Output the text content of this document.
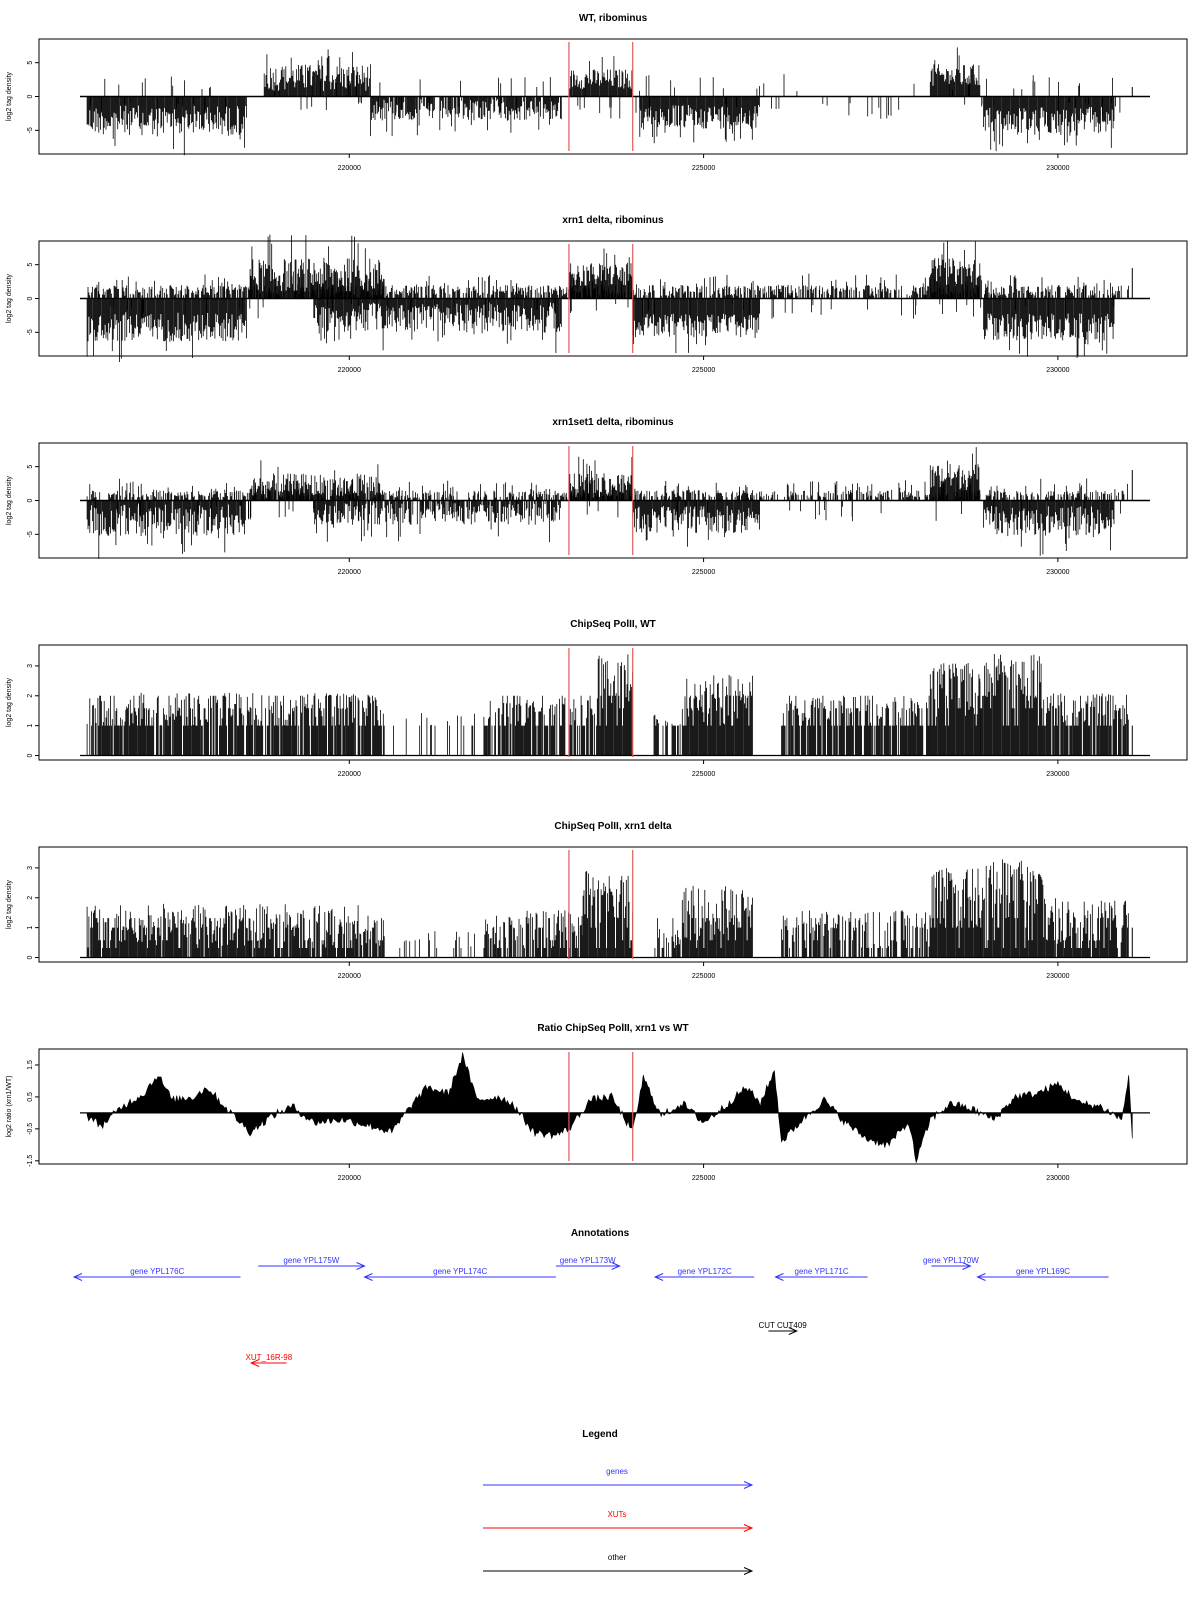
WT, ribominus
log2 tag density
-5
0
5
220000	225000	230000
xrn1 delta, ribominus
log2 tag density
-5
0
5
220000	225000	230000
xrn1set1 delta, ribominus
log2 tag density
-5
0
5
220000	225000	230000
ChipSeq PolII, WT
log2 tag density
0
1
2
3
220000	225000	230000
ChipSeq PolII, xrn1 delta
log2 tag density
0
1
2
3
220000	225000	230000
Ratio ChipSeq PolII, xrn1 vs WT
log2 ratio (xrn1/WT)
-1.5
-0.5
0.5
1.5
220000	225000	230000
Annotations
gene YPL176C
gene YPL175W
gene YPL174C
gene YPL173W
gene YPL172C	gene YPL171C
gene YPL170W
gene YPL169C
XUT_16R-98
CUT CUT409
Legend
genes
XUTs
other
